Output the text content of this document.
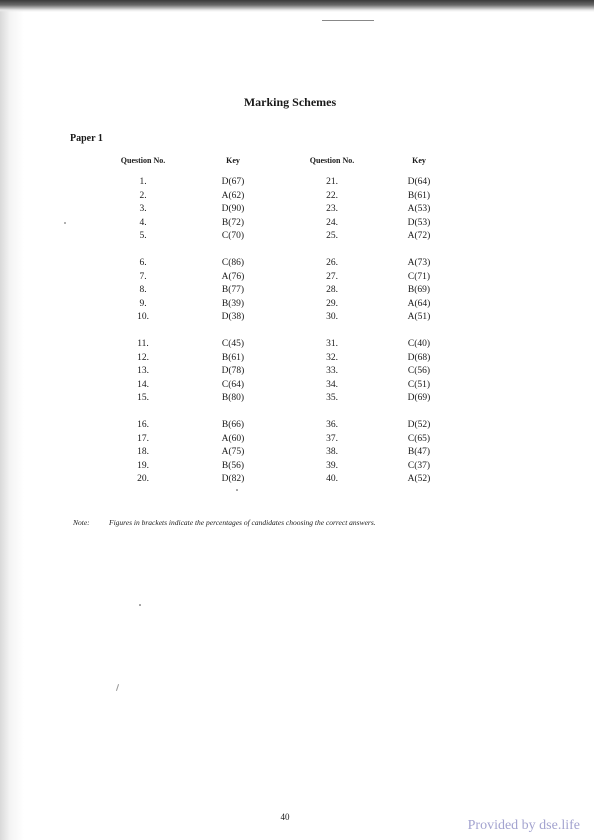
Marking Schemes
Paper 1
Question No.	Key	Question No.	Key
1.	D(67)	21.	D(64)
2.	A(62)	22.	B(61)
3.	D(90)	23.	A(53)
4.	B(72)	24.	D(53)
5.	C(70)	25.	A(72)
6.	C(86)	26.	A(73)
7.	A(76)	27.	C(71)
8.	B(77)	28.	B(69)
9.	B(39)	29.	A(64)
10.	D(38)	30.	A(51)
11.	C(45)	31.	C(40)
12.	B(61)	32.	D(68)
13.	D(78)	33.	C(56)
14.	C(64)	34.	C(51)
15.	B(80)	35.	D(69)
16.	B(66)	36.	D(52)
17.	A(60)	37.	C(65)
18.	A(75)	38.	B(47)
19.	B(56)	39.	C(37)
20.	D(82)	40.	A(52)
Note:	Figures in brackets indicate the percentages of candidates choosing the correct answers.
40
Provided by dse.life
